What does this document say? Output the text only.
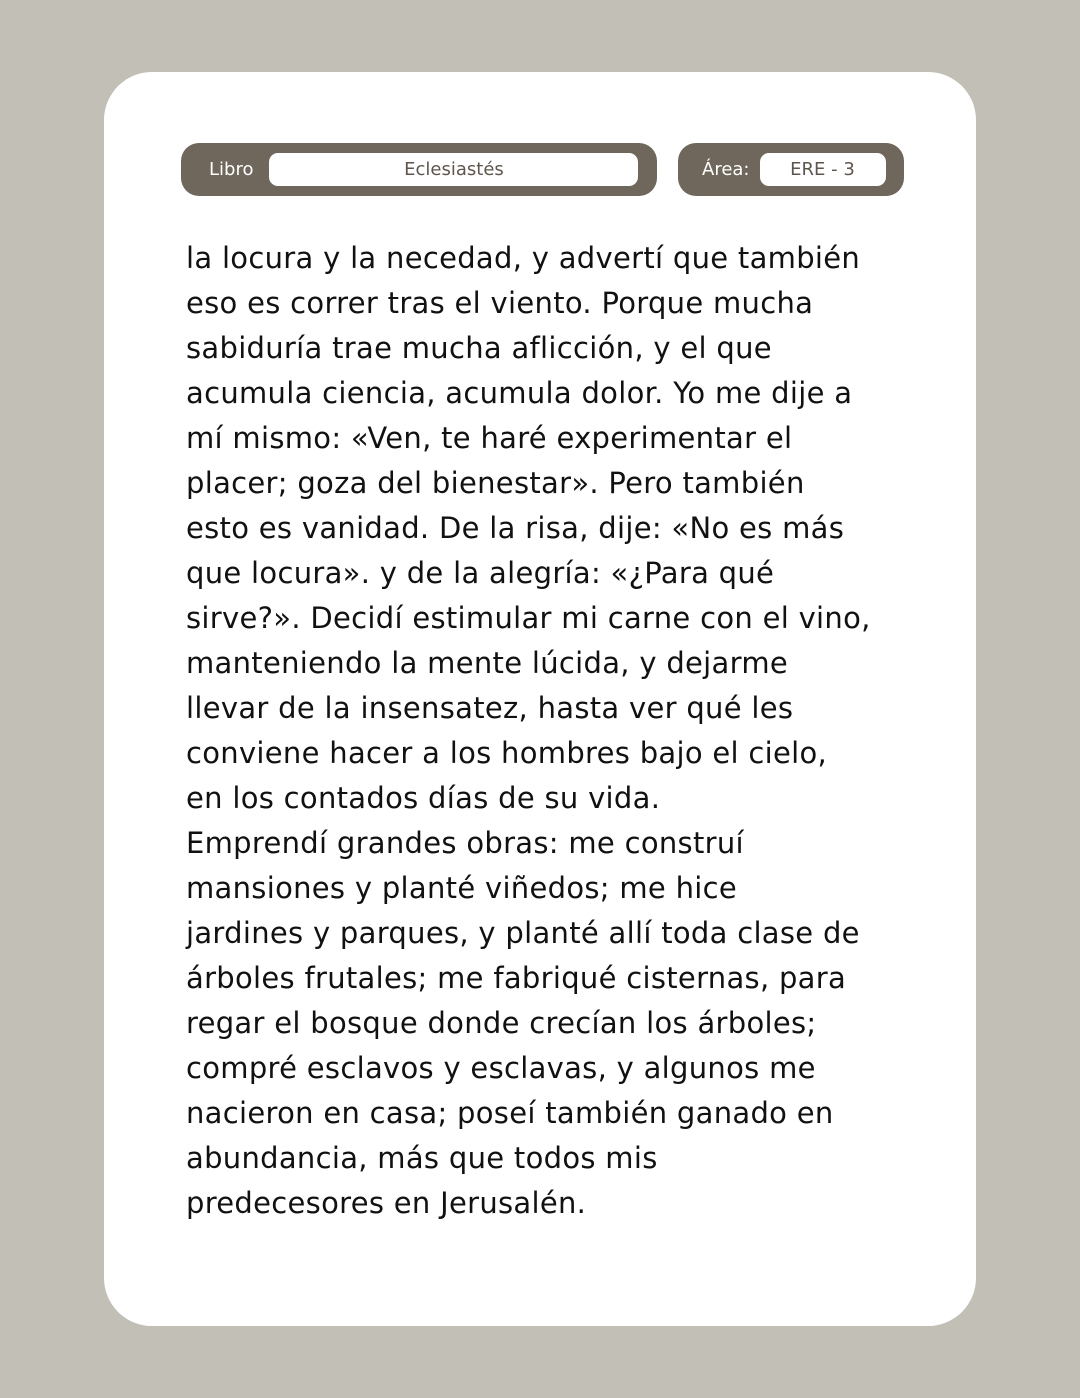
Libro	Eclesiastés	Área:	ERE - 3
la locura y la necedad, y advertí que también
eso es correr tras el viento. Porque mucha
sabiduría trae mucha aflicción, y el que
acumula ciencia, acumula dolor. Yo me dije a
mí mismo: «Ven, te haré experimentar el
placer; goza del bienestar». Pero también
esto es vanidad. De la risa, dije: «No es más
que locura». y de la alegría: «¿Para qué
sirve?». Decidí estimular mi carne con el vino,
manteniendo la mente lúcida, y dejarme
llevar de la insensatez, hasta ver qué les
conviene hacer a los hombres bajo el cielo,
en los contados días de su vida.
Emprendí grandes obras: me construí
mansiones y planté viñedos; me hice
jardines y parques, y planté allí toda clase de
árboles frutales; me fabriqué cisternas, para
regar el bosque donde crecían los árboles;
compré esclavos y esclavas, y algunos me
nacieron en casa; poseí también ganado en
abundancia, más que todos mis
predecesores en Jerusalén.
